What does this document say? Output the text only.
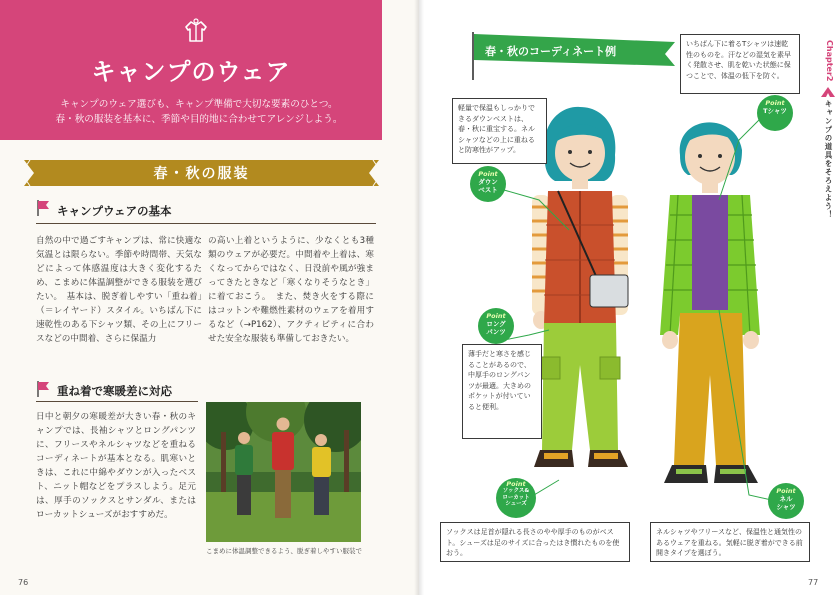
キャンプのウェア
キャンプのウェア選びも、キャンプ準備で大切な要素のひとつ。
春・秋の服装を基本に、季節や目的地に合わせてアレンジしよう。
春・秋の服装
キャンプウェアの基本
自然の中で過ごすキャンプは、常に快適な気温とは限らない。季節や時間帯、天気などによって体感温度は大きく変化するため、こまめに体温調整ができる服装を選びたい。　基本は、脱ぎ着しやすい「重ね着」（＝レイヤード）スタイル。いちばん下に速乾性のある下シャツ類、その上にフリースなどの中間着、さらに保温力
の高い上着というように、少なくとも3種類のウェアが必要だ。中間着や上着は、寒くなってからではなく、日没前や風が強まってきたときなど「寒くなりそうなとき」に着ておこう。　また、焚き火をする際にはコットンや難燃性素材のウェアを着用するなど（→P162）、アクティビティに合わせた安全な服装も準備しておきたい。
重ね着で寒暖差に対応
日中と朝夕の寒暖差が大きい春・秋のキャンプでは、長袖シャツとロングパンツに、フリースやネルシャツなどを重ねるコーディネートが基本となる。肌寒いときは、これに中綿やダウンが入ったベスト、ニット帽などをプラスしよう。足元は、厚手のソックスとサンダル、またはローカットシューズがおすすめだ。
こまめに体温調整できるよう、脱ぎ着しやすい服装で
76
春・秋のコーディネート例
軽量で保温もしっかりできるダウンベストは、春・秋に重宝する。ネルシャツなどの上に重ねると防寒性がアップ。
薄手だと寒さを感じることがあるので、中厚手のロングパンツが最適。大きめのポケットが付いていると便利。
ソックスは足首が隠れる長さのやや厚手のものがベスト。シューズは足のサイズに合ったはき慣れたものを使おう。
いちばん下に着るTシャツは速乾性のものを。汗などの湿気を素早く発散させ、肌を乾いた状態に保つことで、体温の低下を防ぐ。
ネルシャツやフリースなど、保温性と通気性のあるウェアを重ねる。気軽に脱ぎ着ができる前開きタイプを選ぼう。
Point
ダウン
ベスト
Point
ロング
パンツ
Point
ソックス&
ローカット
シューズ
Point
Tシャツ
Point
ネル
シャツ
Chapter2
キャンプの道具をそろえよう！
77
